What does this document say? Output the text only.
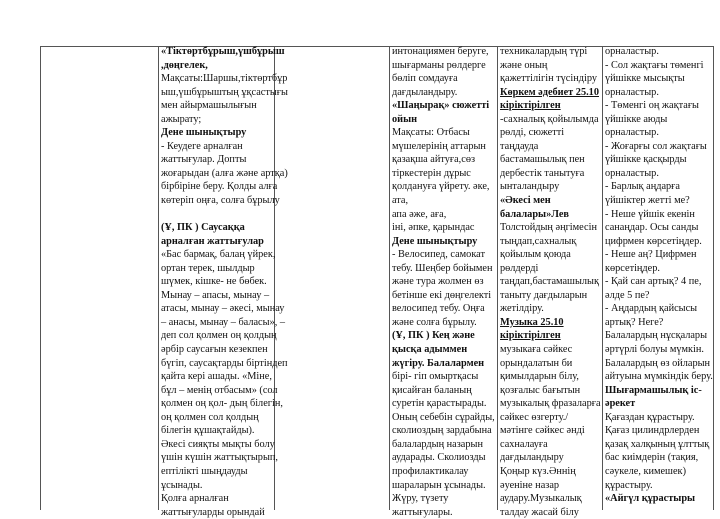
«Тіктөртбұрыш,үшбұрыш
,дөңгелек,
Мақсаты:Шаршы,тіктөртбұр
ыш,үшбұрыштың ұқсастығы
мен айырмашылығын
ажырату;
Дене шынықтыру
- Кеудеге арналған
жаттығулар. Допты
жоғарыдан (алға және артқа)
бірбіріне беру. Қолды алға
көтеріп оңға, солға бұрылу
(Ұ, ПК ) Саусаққа
арналған жаттығулар
«Бас бармақ, балаң үйрек,
ортан терек, шылдыр
шүмек, кішке- не бөбек.
Мынау – апасы, мынау –
атасы, мынау – әкесі, мынау
– анасы, мынау – баласы», –
деп сол қолмен оң қолдың
әрбір саусағын кезекпен
бүгіп, саусақтарды біртіндеп
қайта кері ашады. «Міне,
бұл – менің отбасым» (сол
қолмен оң қол- дың білегін,
оң қолмен сол қолдың
білегін құшақтайды).
Әкесі сияқты мықты болу
үшін күшін жаттықтырып,
ептілікті шыңдауды
ұсынады.
Қолға арналған
жаттығуларды орындай
интонациямен беруге,
шығарманы рөлдерге
бөліп сомдауға
дағдыландыру.
«Шаңырақ» сюжетті
ойын
Мақсаты: Отбасы
мүшелерінің аттарын
қазақша айтуға,сөз
тіркестерін дұрыс
қолдануға үйрету. әке,
ата,
апа әже, аға,
іні, әпке, қарындас
Дене шынықтыру
- Велосипед, самокат
тебу. Шеңбер бойымен
және тура жолмен өз
бетінше екі дөңгелекті
велосипед тебу. Оңға
және солға бұрылу.
(Ұ, ПК ) Кең және
қысқа адыммен
жүгіру. Балалармен
бірі- гіп омыртқасы
қисайған баланың
суретін қарастырады.
Оның себебін сұрайды,
сколиоздың зардабына
балалардың назарын
аударады. Сколиозды
профилактикалау
шараларын ұсынады.
Жүру, түзету
жаттығулары.
техникалардың түрі
және оның
қажеттілігін түсіндіру
Көркем әдебиет 25.10
кіріктірілген
-сахналық қойылымда
рөлді, сюжетті
таңдауда
бастамашылық пен
дербестік танытуға
ынталандыру
«Әкесі мен
балалары»Лев
Толстойдың әңгімесін
тыңдап,сахналық
қойылым қоюда
рөлдерді
таңдап,бастамашылық
таныту дағдыларын
жетілдіру.
Музыка 25.10
кіріктірілген
музыкаға сәйкес
орындалатын би
қимылдарын білу,
қозғалыс бағытын
музыкалық фразаларға
сәйкес өзгерту./
мәтінге сәйкес әнді
сахналауға
дағдыландыру
Қоңыр күз.Әннің
әуеніне назар
аудару.Музыкалық
талдау жасай білу
орналастыр.
- Сол жақтағы төменгі
үйшікке мысықты
орналастыр.
- Төменгі оң жақтағы
үйшікке аюды
орналастыр.
- Жоғарғы сол жақтағы
үйшікке қасқырды
орналастыр.
- Барлық аңдарға
үйшіктер жетті ме?
- Неше үйшік екенін
санаңдар. Осы санды
цифрмен көрсетіңдер.
- Неше аң? Цифрмен
көрсетіңдер.
- Қай сан артық? 4 пе,
әлде 5 пе?
- Аңдардың қайсысы
артық? Неге?
Балалардың нұсқалары
әртүрлі болуы мүмкін.
Балалардың өз ойларын
айтуына мүмкіндік беру.
Шығармашылық іс-
әрекет
Қағаздан құрастыру.
Қағаз цилиндрлерден
қазақ халқының ұлттық
бас киімдерін (тақия,
сәукеле, кимешек)
құрастыру.
«Айгүл құрастыры
